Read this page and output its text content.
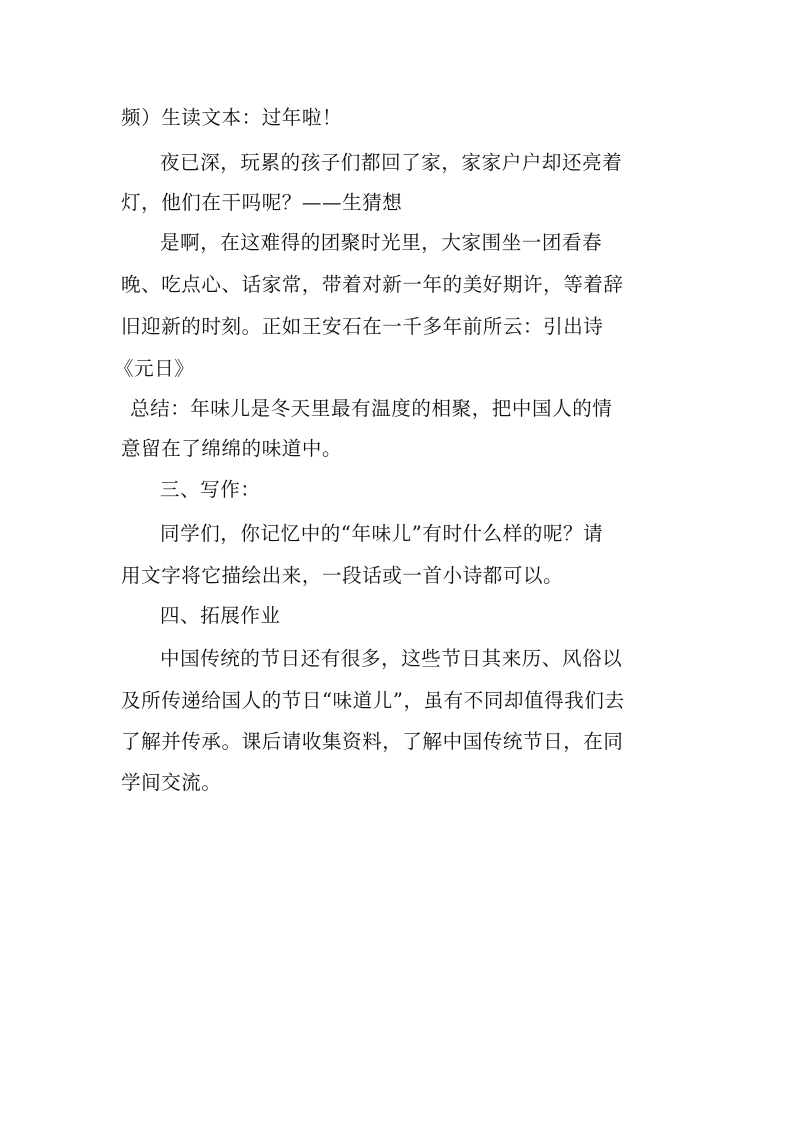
频）生读文本：过年啦！
夜已深，玩累的孩子们都回了家，家家户户却还亮着
灯，他们在干吗呢？——生猜想
是啊，在这难得的团聚时光里，大家围坐一团看春
晚、吃点心、话家常，带着对新一年的美好期许，等着辞
旧迎新的时刻。正如王安石在一千多年前所云：引出诗
《元日》
总结：年味儿是冬天里最有温度的相聚，把中国人的情
意留在了绵绵的味道中。
三、写作：
同学们，你记忆中的“年味儿”有时什么样的呢？请
用文字将它描绘出来，一段话或一首小诗都可以。
四、拓展作业
中国传统的节日还有很多，这些节日其来历、风俗以
及所传递给国人的节日“味道儿”，虽有不同却值得我们去
了解并传承。课后请收集资料，了解中国传统节日，在同
学间交流。
